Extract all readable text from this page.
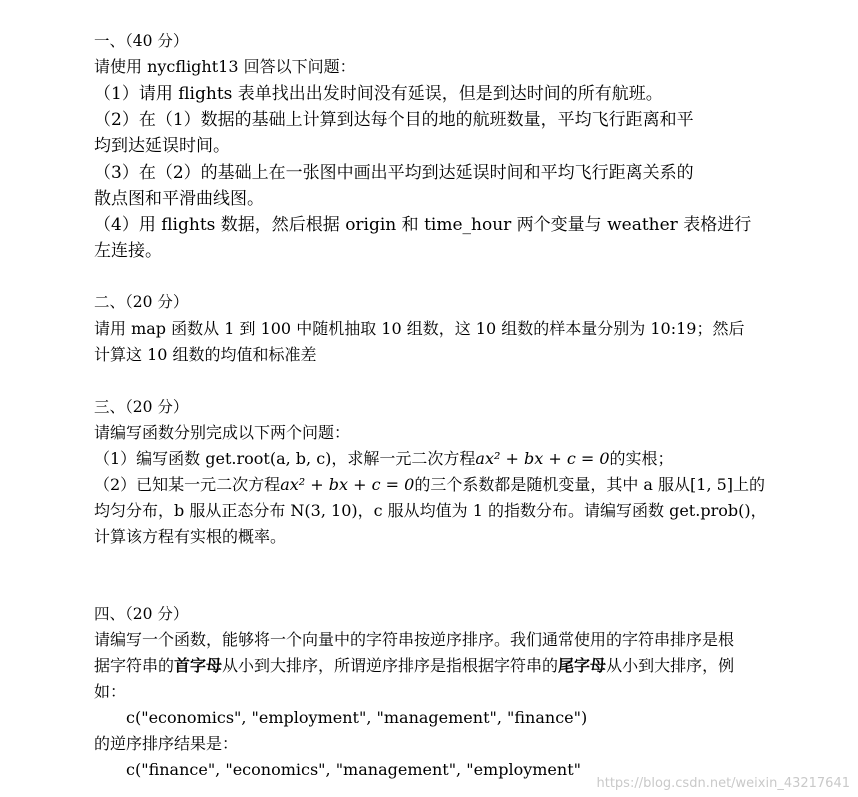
一、（40 分）
请使用 nycflight13 回答以下问题：
（1）请用 flights 表单找出出发时间没有延误，但是到达时间的所有航班。
（2）在（1）数据的基础上计算到达每个目的地的航班数量，平均飞行距离和平
均到达延误时间。
（3）在（2）的基础上在一张图中画出平均到达延误时间和平均飞行距离关系的
散点图和平滑曲线图。
（4）用 flights 数据，然后根据 origin 和 time_hour 两个变量与 weather 表格进行
左连接。
二、（20 分）
请用 map 函数从 1 到 100 中随机抽取 10 组数，这 10 组数的样本量分别为 10:19；然后
计算这 10 组数的均值和标准差
三、（20 分）
请编写函数分别完成以下两个问题：
（1）编写函数 get.root(a, b, c)，求解一元二次方程ax² + bx + c = 0的实根；
（2）已知某一元二次方程ax² + bx + c = 0的三个系数都是随机变量，其中 a 服从[1, 5]上的
均匀分布，b 服从正态分布 N(3, 10)，c 服从均值为 1 的指数分布。请编写函数 get.prob()，
计算该方程有实根的概率。
四、（20 分）
请编写一个函数，能够将一个向量中的字符串按逆序排序。我们通常使用的字符串排序是根
据字符串的首字母从小到大排序，所谓逆序排序是指根据字符串的尾字母从小到大排序，例
如：
c("economics", "employment", "management", "finance")
的逆序排序结果是：
c("finance", "economics", "management", "employment"
https://blog.csdn.net/weixin_43217641
